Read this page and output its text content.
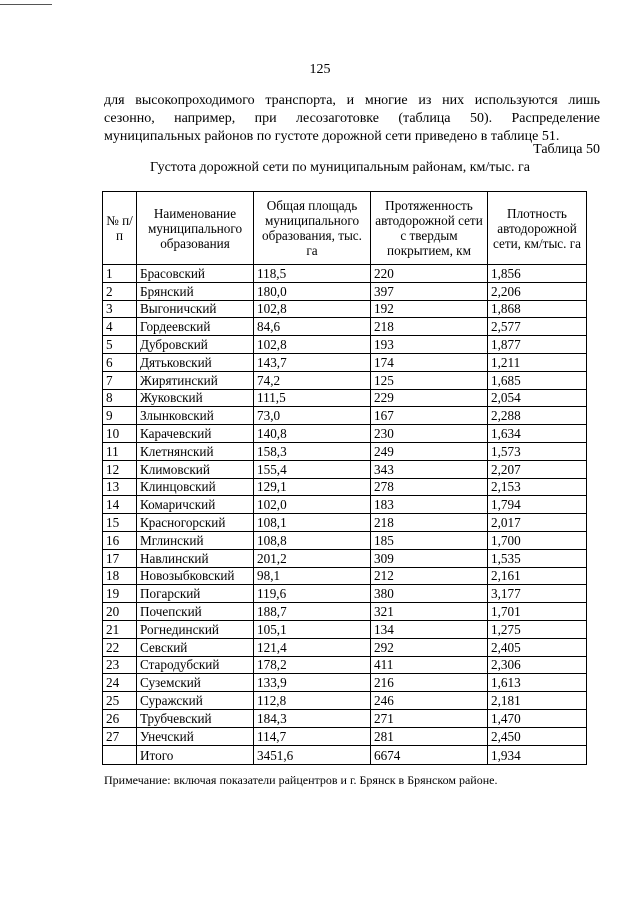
125
для высокопроходимого транспорта, и многие из них используются лишь
сезонно, например, при лесозаготовке (таблица 50). Распределение
муниципальных районов по густоте дорожной сети приведено в таблице 51.
Таблица 50
Густота дорожной сети по муниципальным районам, км/тыс. га
№ п/п	Наименование муниципального образования	Общая площадь муниципального образования, тыс. га	Протяженность автодорожной сети с твердым покрытием, км	Плотность автодорожной сети, км/тыс. га
1	Брасовский	118,5	220	1,856
2	Брянский	180,0	397	2,206
3	Выгоничский	102,8	192	1,868
4	Гордеевский	84,6	218	2,577
5	Дубровский	102,8	193	1,877
6	Дятьковский	143,7	174	1,211
7	Жирятинский	74,2	125	1,685
8	Жуковский	111,5	229	2,054
9	Злынковский	73,0	167	2,288
10	Карачевский	140,8	230	1,634
11	Клетнянский	158,3	249	1,573
12	Климовский	155,4	343	2,207
13	Клинцовский	129,1	278	2,153
14	Комаричский	102,0	183	1,794
15	Красногорский	108,1	218	2,017
16	Мглинский	108,8	185	1,700
17	Навлинский	201,2	309	1,535
18	Новозыбковский	98,1	212	2,161
19	Погарский	119,6	380	3,177
20	Почепский	188,7	321	1,701
21	Рогнединский	105,1	134	1,275
22	Севский	121,4	292	2,405
23	Стародубский	178,2	411	2,306
24	Суземский	133,9	216	1,613
25	Суражский	112,8	246	2,181
26	Трубчевский	184,3	271	1,470
27	Унечский	114,7	281	2,450
	Итого	3451,6	6674	1,934
Примечание: включая показатели райцентров и г. Брянск в Брянском районе.
